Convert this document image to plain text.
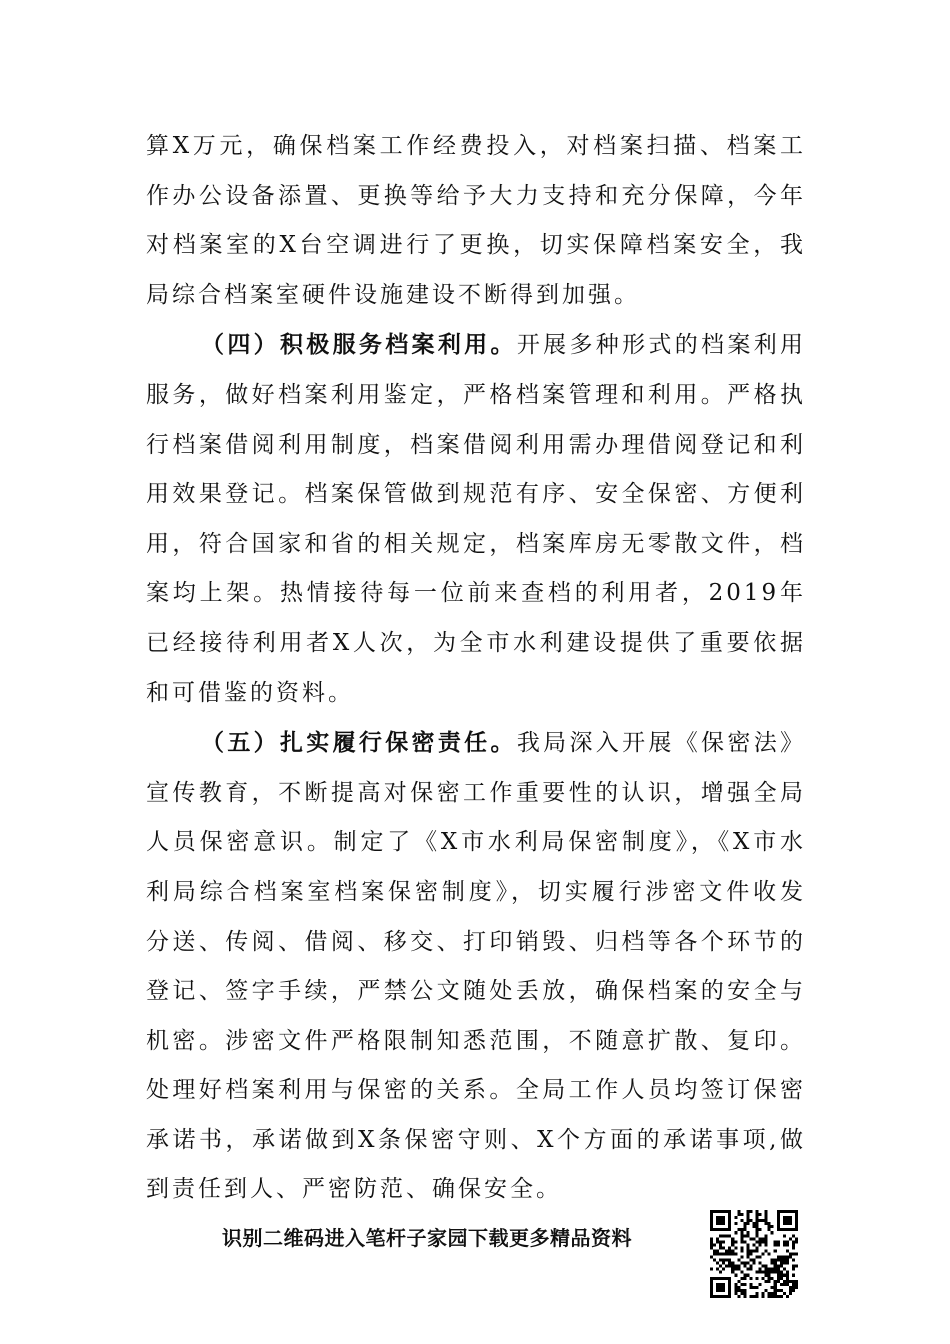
算X万元，确保档案工作经费投入，对档案扫描、档案工作办公设备添置、更换等给予大力支持和充分保障，今年对档案室的X台空调进行了更换，切实保障档案安全，我局综合档案室硬件设施建设不断得到加强。

（四）积极服务档案利用。开展多种形式的档案利用服务，做好档案利用鉴定，严格档案管理和利用。严格执行档案借阅利用制度，档案借阅利用需办理借阅登记和利用效果登记。档案保管做到规范有序、安全保密、方便利用，符合国家和省的相关规定，档案库房无零散文件，档案均上架。热情接待每一位前来查档的利用者，2019年已经接待利用者X人次，为全市水利建设提供了重要依据和可借鉴的资料。

（五）扎实履行保密责任。我局深入开展《保密法》宣传教育，不断提高对保密工作重要性的认识，增强全局人员保密意识。制定了《X市水利局保密制度》，《X市水利局综合档案室档案保密制度》，切实履行涉密文件收发分送、传阅、借阅、移交、打印销毁、归档等各个环节的登记、签字手续，严禁公文随处丢放，确保档案的安全与机密。涉密文件严格限制知悉范围，不随意扩散、复印。处理好档案利用与保密的关系。全局工作人员均签订保密承诺书，承诺做到X条保密守则、X个方面的承诺事项,做到责任到人、严密防范、确保安全。

识别二维码进入笔杆子家园下载更多精品资料
